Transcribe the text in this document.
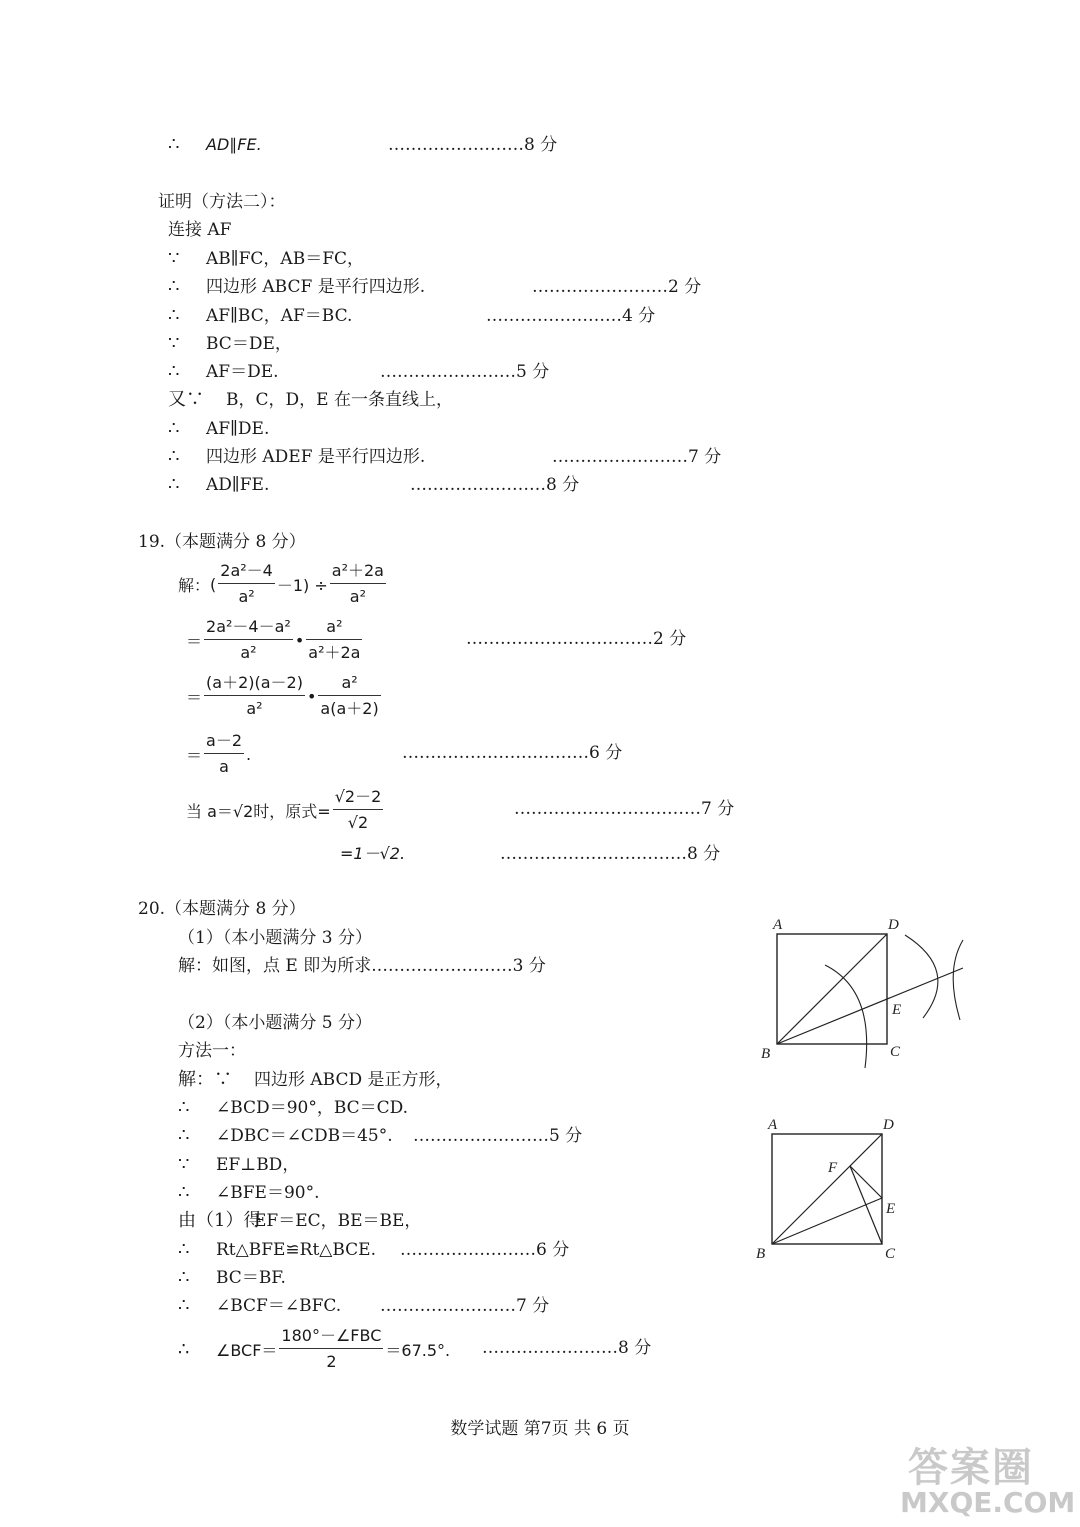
∴ AD∥FE.	……………………8 分
证明（方法二）：
连接 AF
∵ AB∥FC，AB＝FC，
∴ 四边形 ABCF 是平行四边形.	……………………2 分
∴ AF∥BC，AF＝BC.	……………………4 分
∵ BC＝DE，
∴ AF＝DE.	……………………5 分
又∵ B，C，D，E 在一条直线上，
∴ AF∥DE.
∴ 四边形 ADEF 是平行四边形.	……………………7 分
∴ AD∥FE.	……………………8 分
19.（本题满分 8 分）
解：( $\frac{\text{2a²－4}}{\text{a²}} -1) \div \frac{\text{a²＋2a}}{\text{a²}}$
＝ $\frac{\text{2a²－4－a²}}{\text{a²}}$ • $\frac{\text{a²}}{\text{a²＋2a}}$	……………………………2 分
＝ $\frac{(a+2)(a-2)}{\text{a²}}$ • $\frac{\text{a²}}{a(a+2)}$
＝ $\frac{a-2}{a}$ .	……………………………6 分
当 a＝√2时，原式= $\frac{√2-2}{√2}$	……………………………7 分
=1－√2.	……………………………8 分
20.（本题满分 8 分）
（1）（本小题满分 3 分）
解：如图，点 E 即为所求.……………………3 分
（2）（本小题满分 5 分）
方法一：
解：∵ 四边形 ABCD 是正方形，
∴ ∠BCD＝90°，BC＝CD.
∴ ∠DBC＝∠CDB＝45°. ……………………5 分
∵ EF⊥BD，
∴ ∠BFE＝90°.
由（1）得EF＝EC，BE＝BE，
∴ Rt△BFE≌Rt△BCE. ……………………6 分
∴ BC＝BF.
∴ ∠BCF＝∠BFC. ……………………7 分
∴ ∠BCF＝ $\frac{\text{180°－∠FBC}}{2} =67.5^\circ$. ……………………8 分
A	D
B	C
E
A	D
F
E
B	C
数学试题 第7页 共 6 页
答案圈
MXQE.COM
